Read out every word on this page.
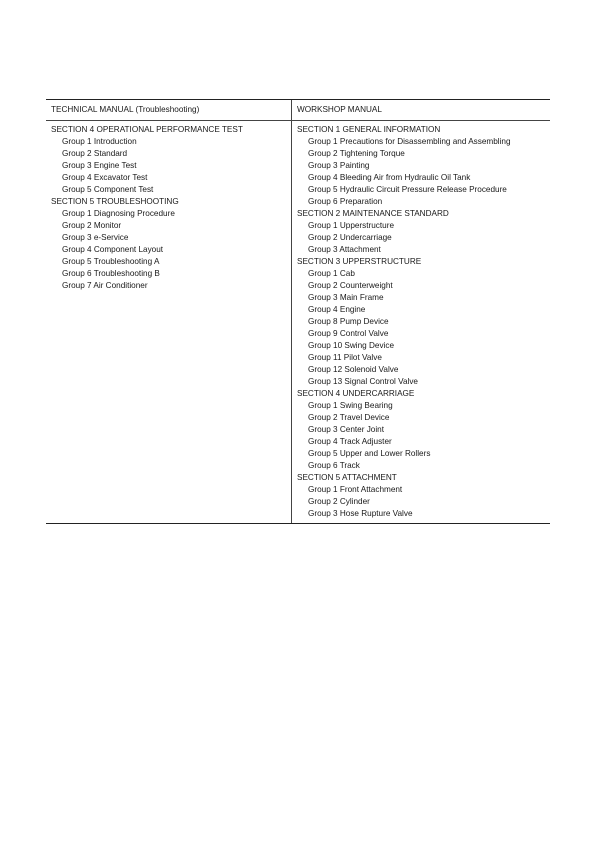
TECHNICAL MANUAL (Troubleshooting)	WORKSHOP MANUAL
SECTION 4 OPERATIONAL PERFORMANCE TEST
Group 1 Introduction
Group 2 Standard
Group 3 Engine Test
Group 4 Excavator Test
Group 5 Component Test
SECTION 5 TROUBLESHOOTING
Group 1 Diagnosing Procedure
Group 2 Monitor
Group 3 e-Service
Group 4 Component Layout
Group 5 Troubleshooting A
Group 6 Troubleshooting B
Group 7 Air Conditioner
SECTION 1 GENERAL INFORMATION
Group 1 Precautions for Disassembling and Assembling
Group 2 Tightening Torque
Group 3 Painting
Group 4 Bleeding Air from Hydraulic Oil Tank
Group 5 Hydraulic Circuit Pressure Release Procedure
Group 6 Preparation
SECTION 2 MAINTENANCE STANDARD
Group 1 Upperstructure
Group 2 Undercarriage
Group 3 Attachment
SECTION 3 UPPERSTRUCTURE
Group 1 Cab
Group 2 Counterweight
Group 3 Main Frame
Group 4 Engine
Group 8 Pump Device
Group 9 Control Valve
Group 10 Swing Device
Group 11 Pilot Valve
Group 12 Solenoid Valve
Group 13 Signal Control Valve
SECTION 4 UNDERCARRIAGE
Group 1 Swing Bearing
Group 2 Travel Device
Group 3 Center Joint
Group 4 Track Adjuster
Group 5 Upper and Lower Rollers
Group 6 Track
SECTION 5 ATTACHMENT
Group 1 Front Attachment
Group 2 Cylinder
Group 3 Hose Rupture Valve
